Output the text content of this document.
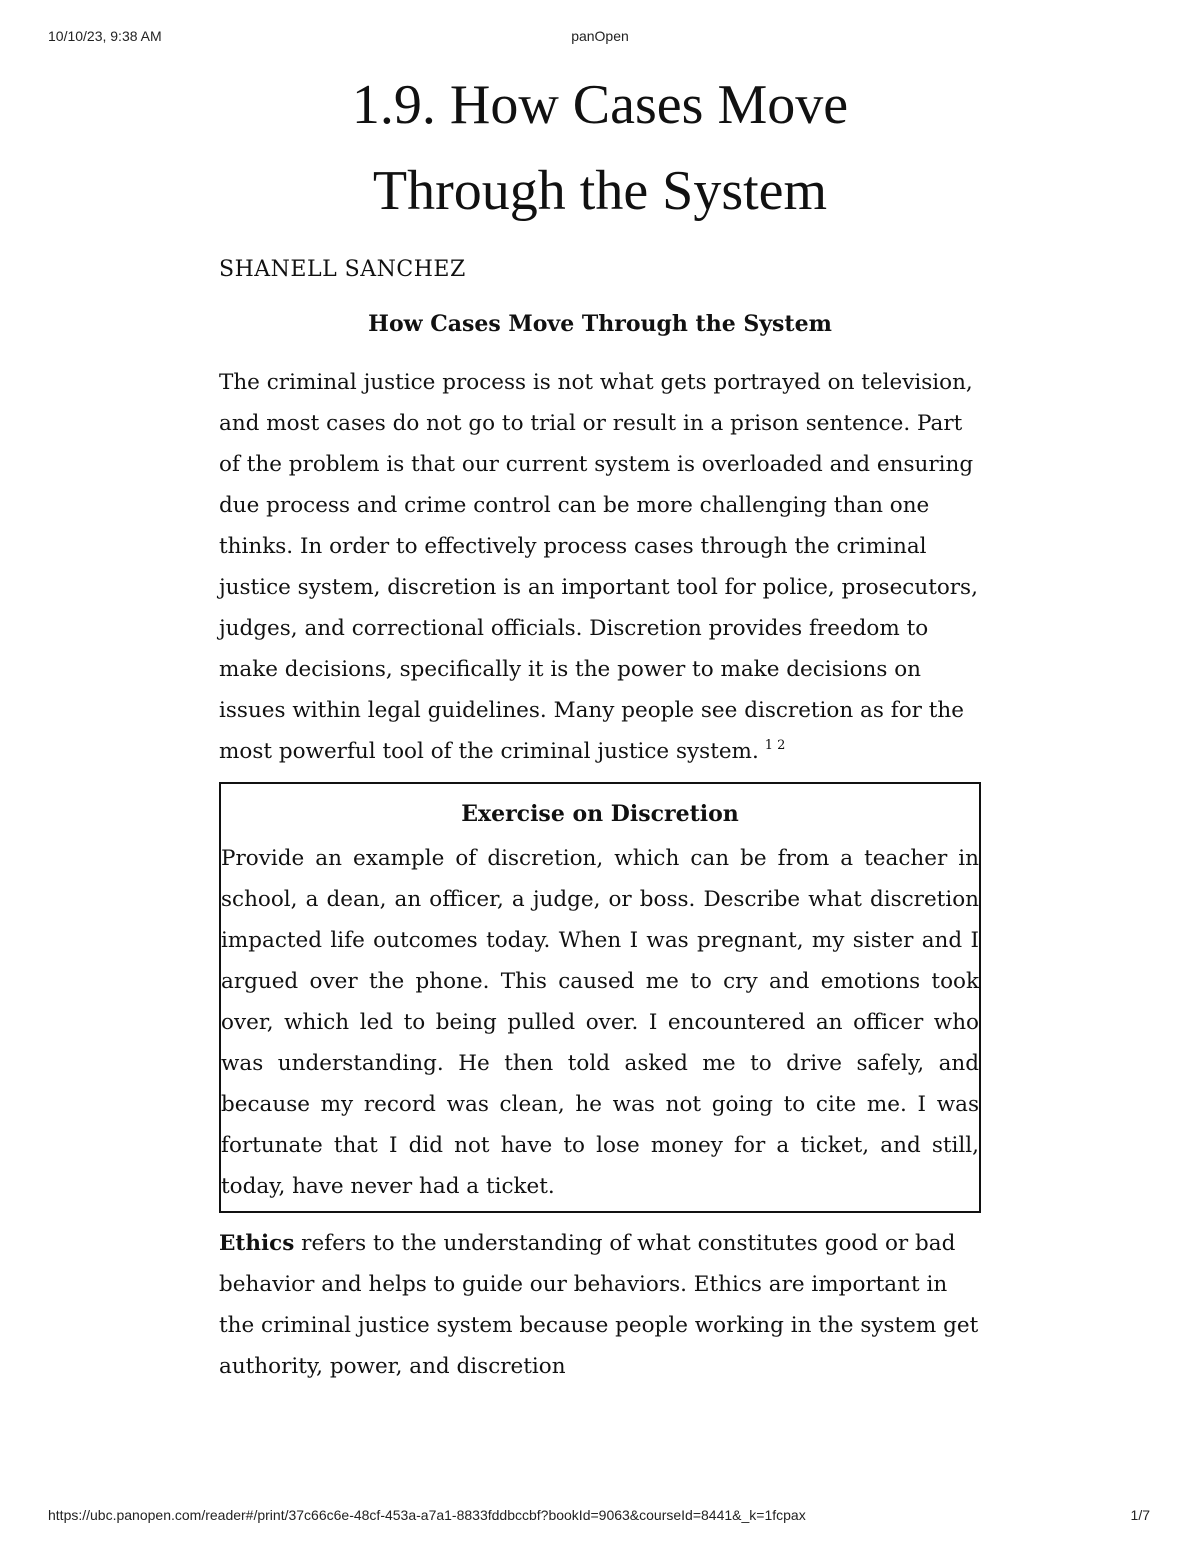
10/10/23, 9:38 AM	panOpen
1.9. How Cases Move
Through the System

SHANELL SANCHEZ

How Cases Move Through the System

The criminal justice process is not what gets portrayed on television, and most cases do not go to trial or result in a prison sentence. Part of the problem is that our current system is overloaded and ensuring due process and crime control can be more challenging than one thinks. In order to effectively process cases through the criminal justice system, discretion is an important tool for police, prosecutors, judges, and correctional officials. Discretion provides freedom to make decisions, specifically it is the power to make decisions on issues within legal guidelines. Many people see discretion as for the most powerful tool of the criminal justice system. $^{1 2}$

Exercise on Discretion

Provide an example of discretion, which can be from a teacher in school, a dean, an officer, a judge, or boss. Describe what discretion impacted life outcomes today. When I was pregnant, my sister and I argued over the phone. This caused me to cry and emotions took over, which led to being pulled over. I encountered an officer who was understanding. He then told asked me to drive safely, and because my record was clean, he was not going to cite me. I was fortunate that I did not have to lose money for a ticket, and still, today, have never had a ticket.

Ethics refers to the understanding of what constitutes good or bad behavior and helps to guide our behaviors. Ethics are important in the criminal justice system because people working in the system get authority, power, and discretion

https://ubc.panopen.com/reader#/print/37c66c6e-48cf-453a-a7a1-8833fddbccbf?bookId=9063&courseId=8441&_k=1fcpax	1/7
